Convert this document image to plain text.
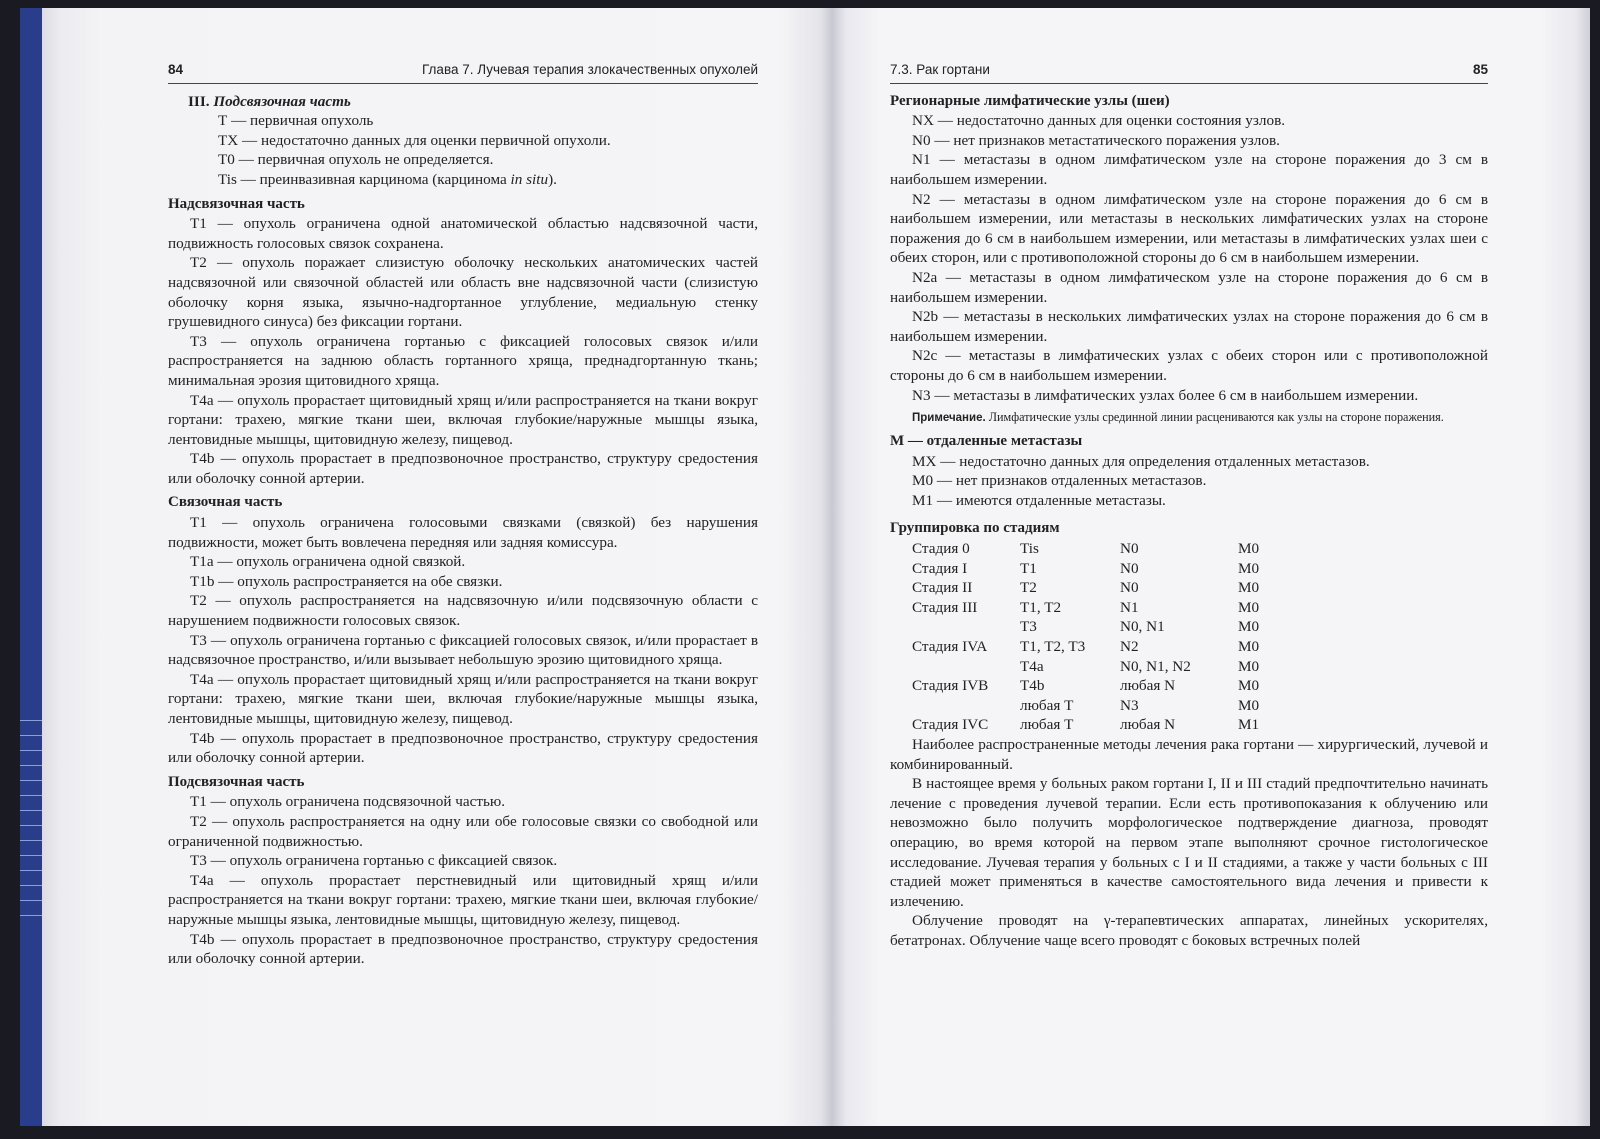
84	Глава 7. Лучевая терапия злокачественных опухолей

III. Подсвязочная часть

Т — первичная опухоль

TX — недостаточно данных для оценки первичной опухоли.

Т0 — первичная опухоль не определяется.

Tis — преинвазивная карцинома (карцинома in situ).

Надсвязочная часть

Т1 — опухоль ограничена одной анатомической областью надсвязочной части, подвижность голосовых связок сохранена.

Т2 — опухоль поражает слизистую оболочку нескольких анатомических частей надсвязочной или связочной областей или область вне надсвязочной части (слизистую оболочку корня языка, язычно-надгортанное углубление, медиальную стенку грушевидного синуса) без фиксации гортани.

Т3 — опухоль ограничена гортанью с фиксацией голосовых связок и/или распространяется на заднюю область гортанного хряща, преднадгортанную ткань; минимальная эрозия щитовидного хряща.

Т4а — опухоль прорастает щитовидный хрящ и/или распространяется на ткани вокруг гортани: трахею, мягкие ткани шеи, включая глубокие/наружные мышцы языка, лентовидные мышцы, щитовидную железу, пищевод.

Т4b — опухоль прорастает в предпозвоночное пространство, структуру средостения или оболочку сонной артерии.

Связочная часть

Т1 — опухоль ограничена голосовыми связками (связкой) без нарушения подвижности, может быть вовлечена передняя или задняя комиссура.

Т1а — опухоль ограничена одной связкой.

Т1b — опухоль распространяется на обе связки.

Т2 — опухоль распространяется на надсвязочную и/или подсвязочную области с нарушением подвижности голосовых связок.

Т3 — опухоль ограничена гортанью с фиксацией голосовых связок, и/или прорастает в надсвязочное пространство, и/или вызывает небольшую эрозию щитовидного хряща.

Т4а — опухоль прорастает щитовидный хрящ и/или распространяется на ткани вокруг гортани: трахею, мягкие ткани шеи, включая глубокие/наружные мышцы языка, лентовидные мышцы, щитовидную железу, пищевод.

Т4b — опухоль прорастает в предпозвоночное пространство, структуру средостения или оболочку сонной артерии.

Подсвязочная часть

Т1 — опухоль ограничена подсвязочной частью.

Т2 — опухоль распространяется на одну или обе голосовые связки со свободной или ограниченной подвижностью.

Т3 — опухоль ограничена гортанью с фиксацией связок.

Т4а — опухоль прорастает перстневидный или щитовидный хрящ и/или распространяется на ткани вокруг гортани: трахею, мягкие ткани шеи, включая глубокие/наружные мышцы языка, лентовидные мышцы, щитовидную железу, пищевод.

Т4b — опухоль прорастает в предпозвоночное пространство, структуру средостения или оболочку сонной артерии.

7.3. Рак гортани	85

Регионарные лимфатические узлы (шеи)

NX — недостаточно данных для оценки состояния узлов.

N0 — нет признаков метастатического поражения узлов.

N1 — метастазы в одном лимфатическом узле на стороне поражения до 3 см в наибольшем измерении.

N2 — метастазы в одном лимфатическом узле на стороне поражения до 6 см в наибольшем измерении, или метастазы в нескольких лимфатических узлах на стороне поражения до 6 см в наибольшем измерении, или метастазы в лимфатических узлах шеи с обеих сторон, или с противоположной стороны до 6 см в наибольшем измерении.

N2a — метастазы в одном лимфатическом узле на стороне поражения до 6 см в наибольшем измерении.

N2b — метастазы в нескольких лимфатических узлах на стороне поражения до 6 см в наибольшем измерении.

N2c — метастазы в лимфатических узлах с обеих сторон или с противоположной стороны до 6 см в наибольшем измерении.

N3 — метастазы в лимфатических узлах более 6 см в наибольшем измерении.

Примечание. Лимфатические узлы срединной линии расцениваются как узлы на стороне поражения.

М — отдаленные метастазы

MX — недостаточно данных для определения отдаленных метастазов.

М0 — нет признаков отдаленных метастазов.

М1 — имеются отдаленные метастазы.

Группировка по стадиям

Стадия 0	Tis	N0	M0
Стадия I	T1	N0	M0
Стадия II	T2	N0	M0
Стадия III	T1, T2	N1	M0
	T3	N0, N1	M0
Стадия IVA	T1, T2, T3	N2	M0
	T4a	N0, N1, N2	M0
Стадия IVB	T4b	любая N	M0
	любая T	N3	M0
Стадия IVC	любая T	любая N	M1

Наиболее распространенные методы лечения рака гортани — хирургический, лучевой и комбинированный.

В настоящее время у больных раком гортани I, II и III стадий предпочтительно начинать лечение с проведения лучевой терапии. Если есть противопоказания к облучению или невозможно было получить морфологическое подтверждение диагноза, проводят операцию, во время которой на первом этапе выполняют срочное гистологическое исследование. Лучевая терапия у больных с I и II стадиями, а также у части больных с III стадией может применяться в качестве самостоятельного вида лечения и привести к излечению.

Облучение проводят на γ-терапевтических аппаратах, линейных ускорителях, бетатронах. Облучение чаще всего проводят с боковых встречных полей
